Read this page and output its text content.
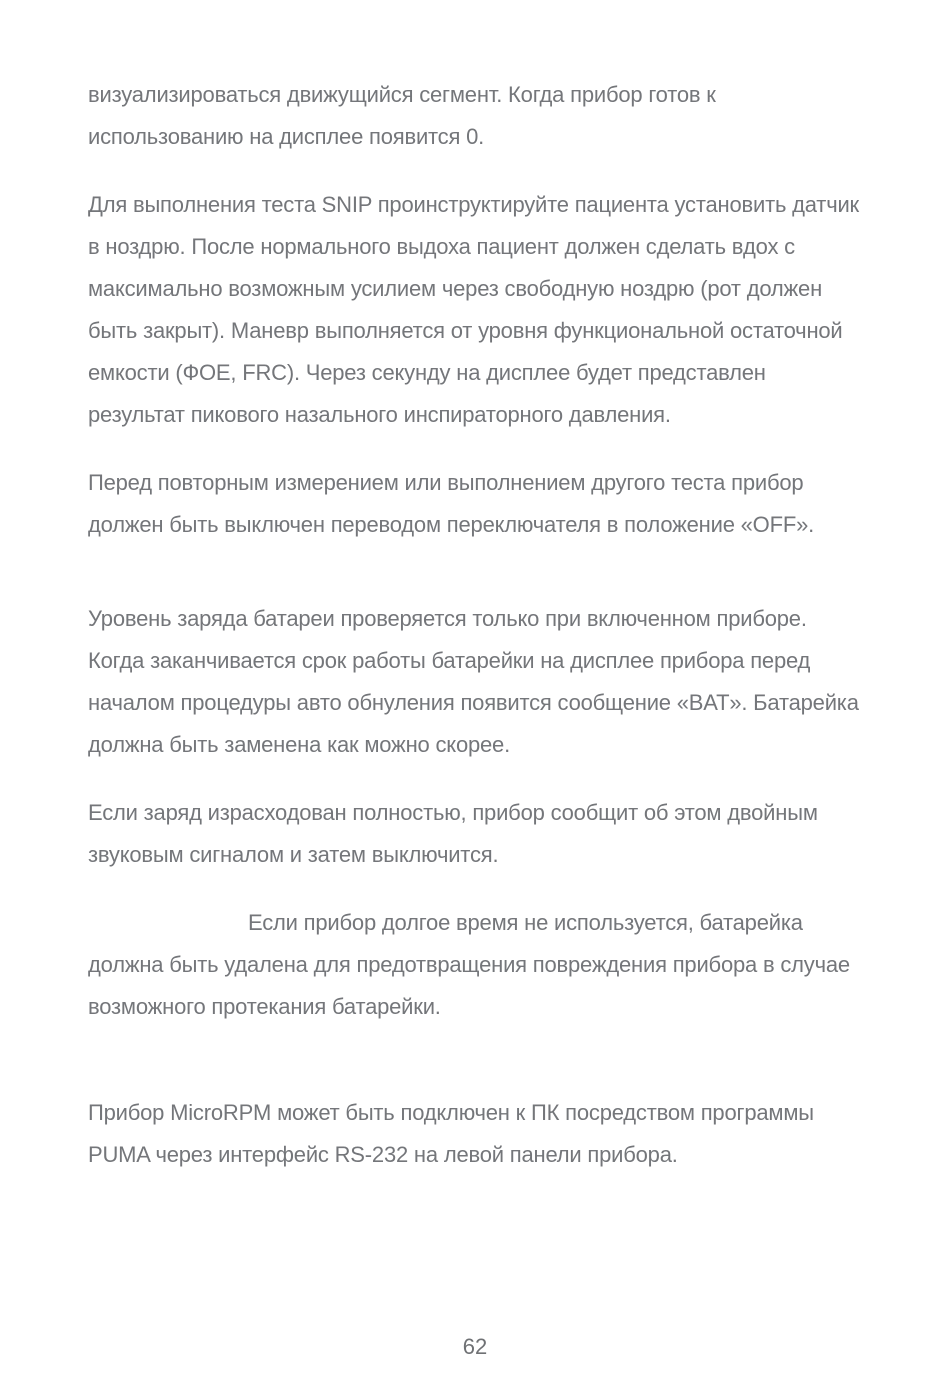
визуализироваться движущийся сегмент. Когда прибор готов к использованию на дисплее появится 0.

Для выполнения теста SNIP проинструктируйте пациента установить датчик в ноздрю. После нормального выдоха пациент должен сделать вдох с максимально возможным усилием через свободную ноздрю (рот должен быть закрыт). Маневр выполняется от уровня функциональной остаточной емкости (ФОЕ, FRC). Через секунду на дисплее будет представлен результат пикового назального инспираторного давления.

Перед повторным измерением или выполнением другого теста прибор должен быть выключен переводом переключателя в положение «OFF».

Уровень заряда батареи проверяется только при включенном приборе. Когда заканчивается срок работы батарейки на дисплее прибора перед началом процедуры авто обнуления появится сообщение «BAT». Батарейка должна быть заменена как можно скорее.

Если заряд израсходован полностью, прибор сообщит об этом двойным звуковым сигналом и затем выключится.

Если прибор долгое время не используется, батарейка должна быть удалена для предотвращения повреждения прибора в случае возможного протекания батарейки.

Прибор MicroRPM может быть подключен к ПК посредством программы PUMA через интерфейс RS-232 на левой панели прибора.

62
